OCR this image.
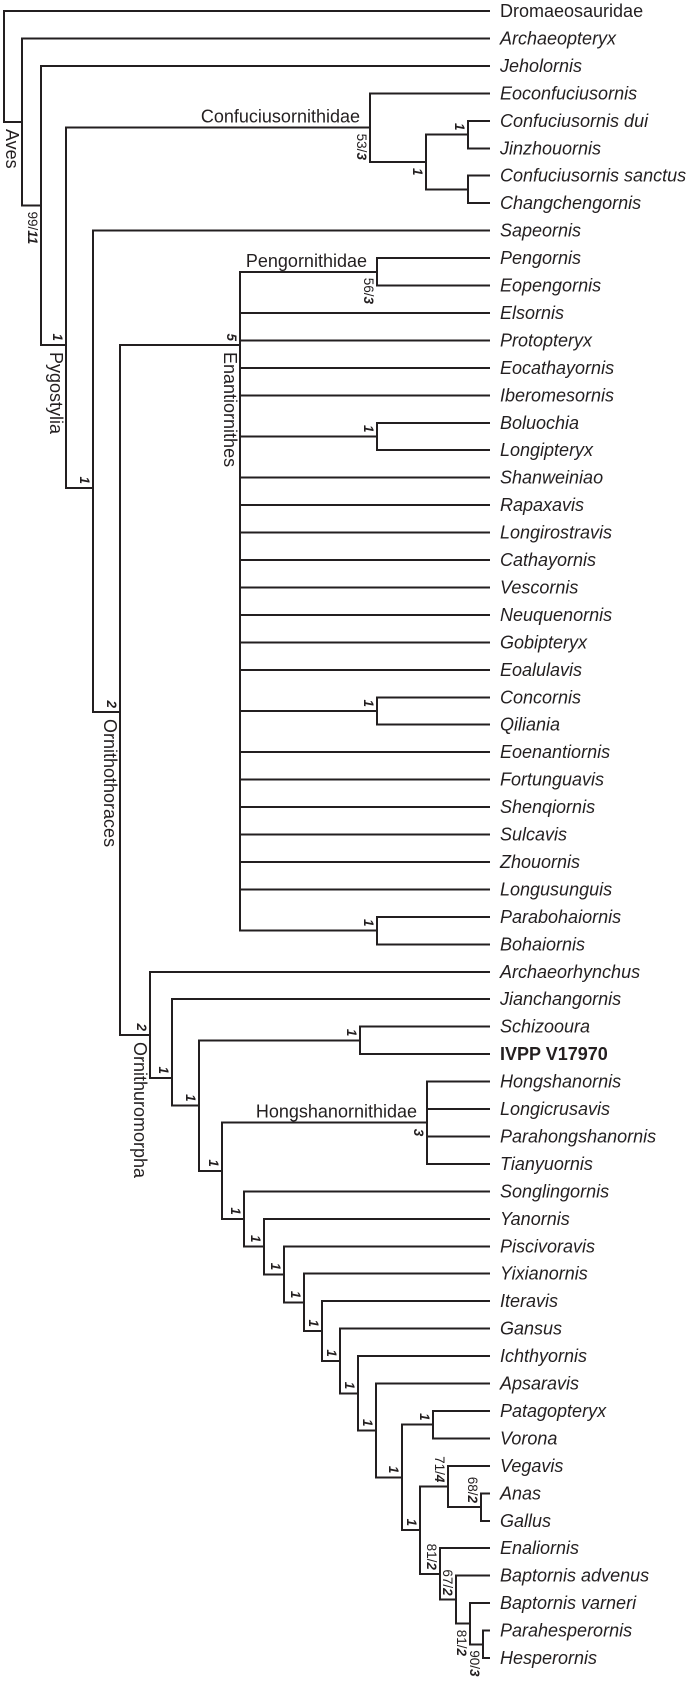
Dromaeosauridae
Archaeopteryx
Jeholornis
Eoconfuciusornis
Confuciusornis dui
Jinzhouornis
1
Confuciusornis sanctus
Changchengornis
1
53/3
Confuciusornithidae
Sapeornis
Pengornis
Eopengornis
56/3
Pengornithidae
Elsornis
Protopteryx
Eocathayornis
Iberomesornis
Boluochia
Longipteryx
1
Shanweiniao
Rapaxavis
Longirostravis
Cathayornis
Vescornis
Neuquenornis
Gobipteryx
Eoalulavis
Concornis
Qiliania
1
Eoenantiornis
Fortunguavis
Shenqiornis
Sulcavis
Zhouornis
Longusunguis
Parabohaiornis
Bohaiornis
1
5
Enantiornithes
Archaeorhynchus
Jianchangornis
Schizooura
IVPP V17970
1
Hongshanornis
Longicrusavis
Parahongshanornis
Tianyuornis
3
Hongshanornithidae
Songlingornis
Yanornis
Piscivoravis
Yixianornis
Iteravis
Gansus
Ichthyornis
Apsaravis
Patagopteryx
Vorona
1
Vegavis
Anas
Gallus
68/2
71/4
Enaliornis
Baptornis advenus
Baptornis varneri
Parahesperornis
Hesperornis
90/3
81/2
67/2
81/2
1
1
1
1
1
1
1
1
1
1
1
1
1
2
Ornithuromorpha
2
Ornithothoraces
1
1
Pygostylia
99/11
Aves
